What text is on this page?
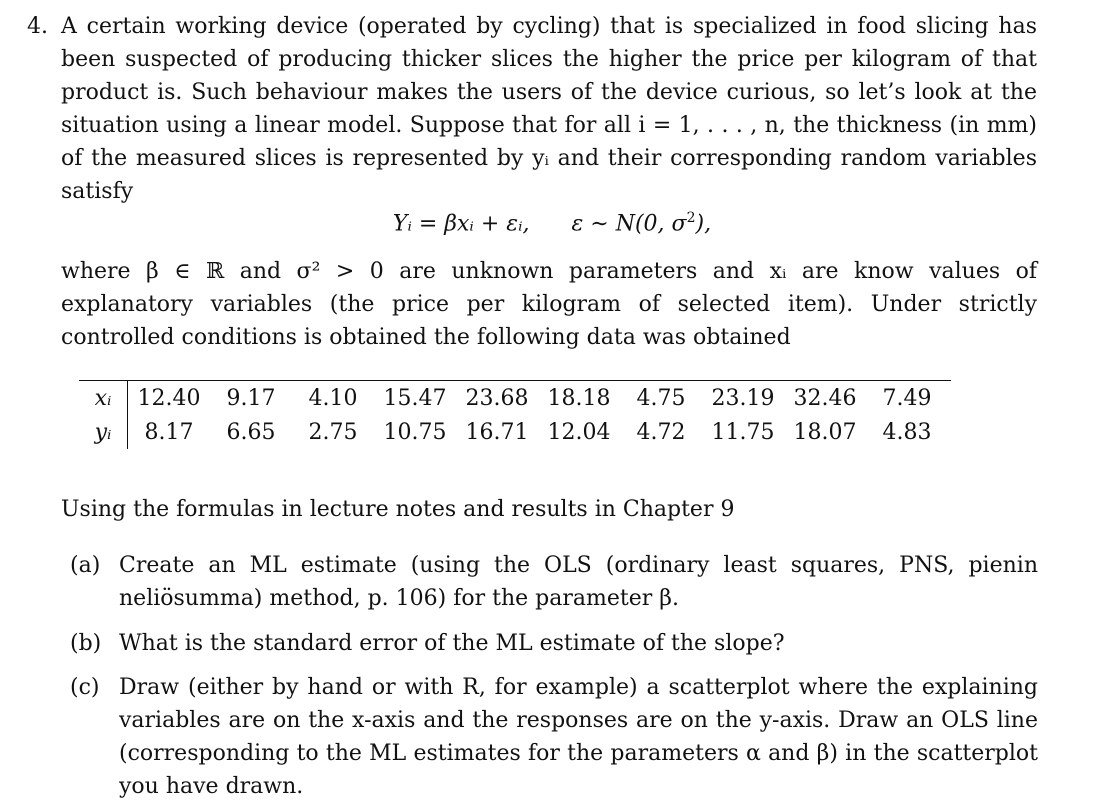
4. A certain working device (operated by cycling) that is specialized in food slicing has been suspected of producing thicker slices the higher the price per kilogram of that product is. Such behaviour makes the users of the device curious, so let’s look at the situation using a linear model. Suppose that for all i = 1, . . . , n, the thickness (in mm) of the measured slices is represented by yᵢ and their corresponding random variables satisfy
Yᵢ = βxᵢ + εᵢ, ε ∼ N(0, $\sigma^2$),
where β ∈ ℝ and σ² > 0 are unknown parameters and xᵢ are know values of explanatory variables (the price per kilogram of selected item). Under strictly controlled conditions is obtained the following data was obtained
xᵢ	12.40	9.17	4.10	15.47 23.68 18.18	4.75	23.19 32.46	7.49
yᵢ	8.17	6.65	2.75	10.75 16.71 12.04	4.72	11.75 18.07	4.83
Using the formulas in lecture notes and results in Chapter 9
(a) Create an ML estimate (using the OLS (ordinary least squares, PNS, pienin neliösumma) method, p. 106) for the parameter β.
(b) What is the standard error of the ML estimate of the slope?
(c) Draw (either by hand or with R, for example) a scatterplot where the explaining variables are on the x-axis and the responses are on the y-axis. Draw an OLS line (corresponding to the ML estimates for the parameters α and β) in the scatterplot you have drawn.
